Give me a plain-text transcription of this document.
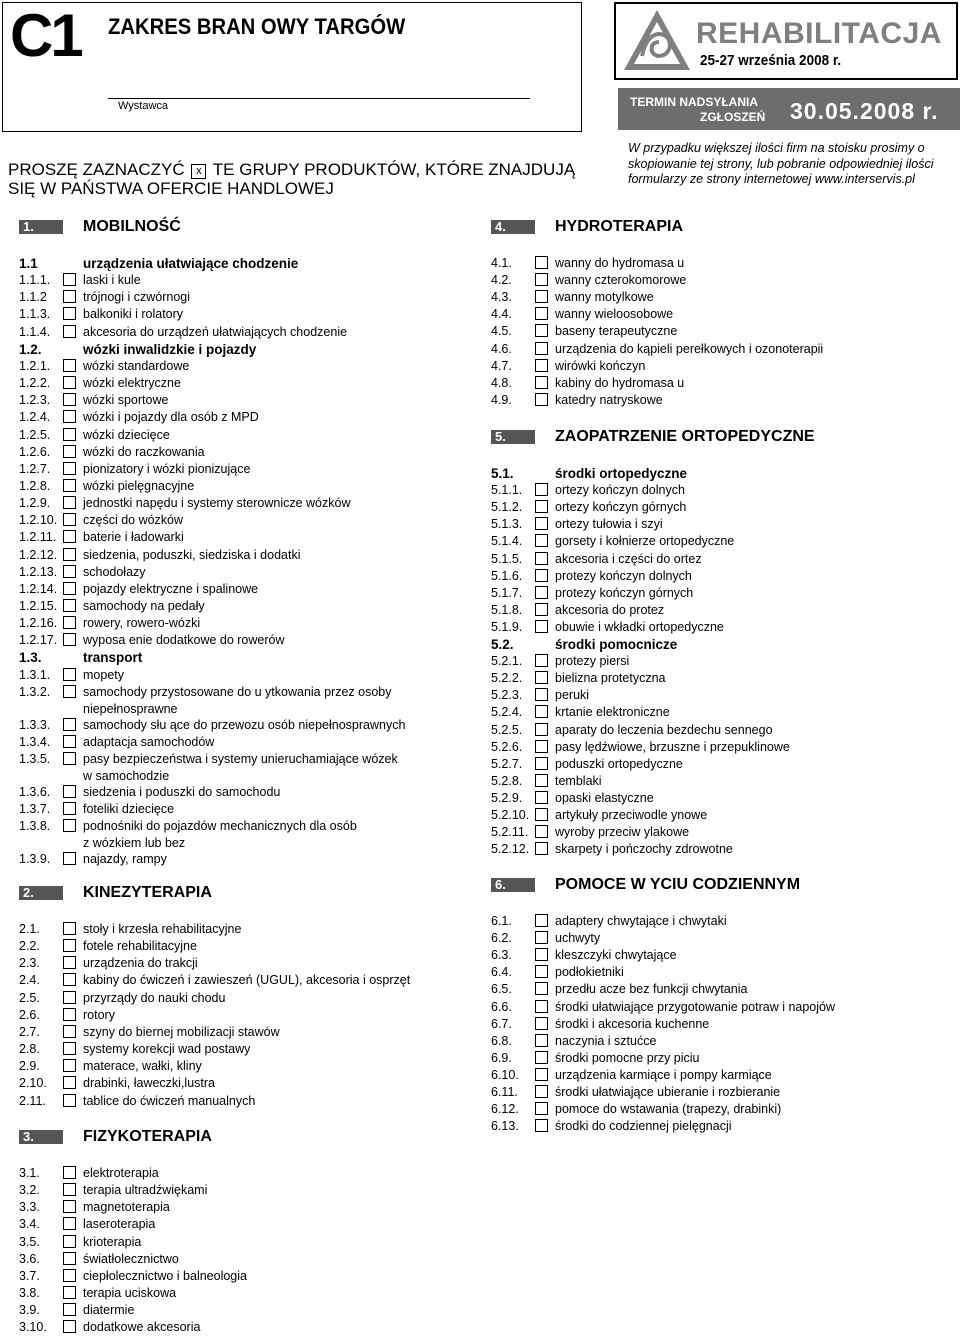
C1 ZAKRES BRAN OWY TARGÓW
Wystawca
PROSZĘ ZAZNACZYĆ x TE GRUPY PRODUKTÓW, KTÓRE ZNAJDUJĄ
SIĘ W PAŃSTWA OFERCIE HANDLOWEJ
REHABILITACJA
25-27 września 2008 r.
TERMIN NADSYŁANIA
ZGŁOSZEŃ 30.05.2008 r.
W przypadku większej ilości firm na stoisku prosimy o skopiowanie tej strony, lub pobranie odpowiedniej ilości formularzy ze strony internetowej www.interservis.pl
1.	MOBILNOŚĆ
1.1	urządzenia ułatwiające chodzenie
1.1.1.	laski i kule
1.1.2	trójnogi i czwórnogi
1.1.3.	balkoniki i rolatory
1.1.4.	akcesoria do urządzeń ułatwiających chodzenie
1.2.	wózki inwalidzkie i pojazdy
1.2.1.	wózki standardowe
1.2.2.	wózki elektryczne
1.2.3.	wózki sportowe
1.2.4.	wózki i pojazdy dla osób z MPD
1.2.5.	wózki dziecięce
1.2.6.	wózki do raczkowania
1.2.7.	pionizatory i wózki pionizujące
1.2.8.	wózki pielęgnacyjne
1.2.9.	jednostki napędu i systemy sterownicze wózków
1.2.10. części do wózków
1.2.11. baterie i ładowarki
1.2.12. siedzenia, poduszki, siedziska i dodatki
1.2.13. schodołazy
1.2.14. pojazdy elektryczne i spalinowe
1.2.15. samochody na pedały
1.2.16. rowery, rowero-wózki
1.2.17. wyposa enie dodatkowe do rowerów
1.3.	transport
1.3.1.	mopety
1.3.2.	samochody przystosowane do u ytkowania przez osoby
niepełnosprawne
1.3.3.	samochody słu ące do przewozu osób niepełnosprawnych
1.3.4.	adaptacja samochodów
1.3.5.	pasy bezpieczeństwa i systemy unieruchamiające wózek
w samochodzie
1.3.6.	siedzenia i poduszki do samochodu
1.3.7.	foteliki dziecięce
1.3.8.	podnośniki do pojazdów mechanicznych dla osób
z wózkiem lub bez
1.3.9.	najazdy, rampy
2.	KINEZYTERAPIA
2.1.	stoły i krzesła rehabilitacyjne
2.2.	fotele rehabilitacyjne
2.3.	urządzenia do trakcji
2.4.	kabiny do ćwiczeń i zawieszeń (UGUL), akcesoria i osprzęt
2.5.	przyrządy do nauki chodu
2.6.	rotory
2.7.	szyny do biernej mobilizacji stawów
2.8.	systemy korekcji wad postawy
2.9.	materace, wałki, kliny
2.10.	drabinki, ławeczki,lustra
2.11.	tablice do ćwiczeń manualnych
3.	FIZYKOTERAPIA
3.1.	elektroterapia
3.2.	terapia ultradźwiękami
3.3.	magnetoterapia
3.4.	laseroterapia
3.5.	krioterapia
3.6.	światłolecznictwo
3.7.	ciepłolecznictwo i balneologia
3.8.	terapia uciskowa
3.9.	diatermie
3.10.	dodatkowe akcesoria
4.	HYDROTERAPIA
4.1.	wanny do hydromasa u
4.2.	wanny czterokomorowe
4.3.	wanny motylkowe
4.4.	wanny wieloosobowe
4.5.	baseny terapeutyczne
4.6.	urządzenia do kąpieli perełkowych i ozonoterapii
4.7.	wirówki kończyn
4.8.	kabiny do hydromasa u
4.9.	katedry natryskowe
5.	ZAOPATRZENIE ORTOPEDYCZNE
5.1.	środki ortopedyczne
5.1.1.	ortezy kończyn dolnych
5.1.2.	ortezy kończyn górnych
5.1.3.	ortezy tułowia i szyi
5.1.4.	gorsety i kołnierze ortopedyczne
5.1.5.	akcesoria i części do ortez
5.1.6.	protezy kończyn dolnych
5.1.7.	protezy kończyn górnych
5.1.8.	akcesoria do protez
5.1.9.	obuwie i wkładki ortopedyczne
5.2.	środki pomocnicze
5.2.1.	protezy piersi
5.2.2.	bielizna protetyczna
5.2.3.	peruki
5.2.4.	krtanie elektroniczne
5.2.5.	aparaty do leczenia bezdechu sennego
5.2.6.	pasy lędźwiowe, brzuszne i przepuklinowe
5.2.7.	poduszki ortopedyczne
5.2.8.	temblaki
5.2.9.	opaski elastyczne
5.2.10. artykuły przeciwodle ynowe
5.2.11. wyroby przeciw ylakowe
5.2.12. skarpety i pończochy zdrowotne
6.	POMOCE W YCIU CODZIENNYM
6.1.	adaptery chwytające i chwytaki
6.2.	uchwyty
6.3.	kleszczyki chwytające
6.4.	podłokietniki
6.5.	przedłu acze bez funkcji chwytania
6.6.	środki ułatwiające przygotowanie potraw i napojów
6.7.	środki i akcesoria kuchenne
6.8.	naczynia i sztućce
6.9.	środki pomocne przy piciu
6.10.	urządzenia karmiące i pompy karmiące
6.11.	środki ułatwiające ubieranie i rozbieranie
6.12.	pomoce do wstawania (trapezy, drabinki)
6.13.	środki do codziennej pielęgnacji
